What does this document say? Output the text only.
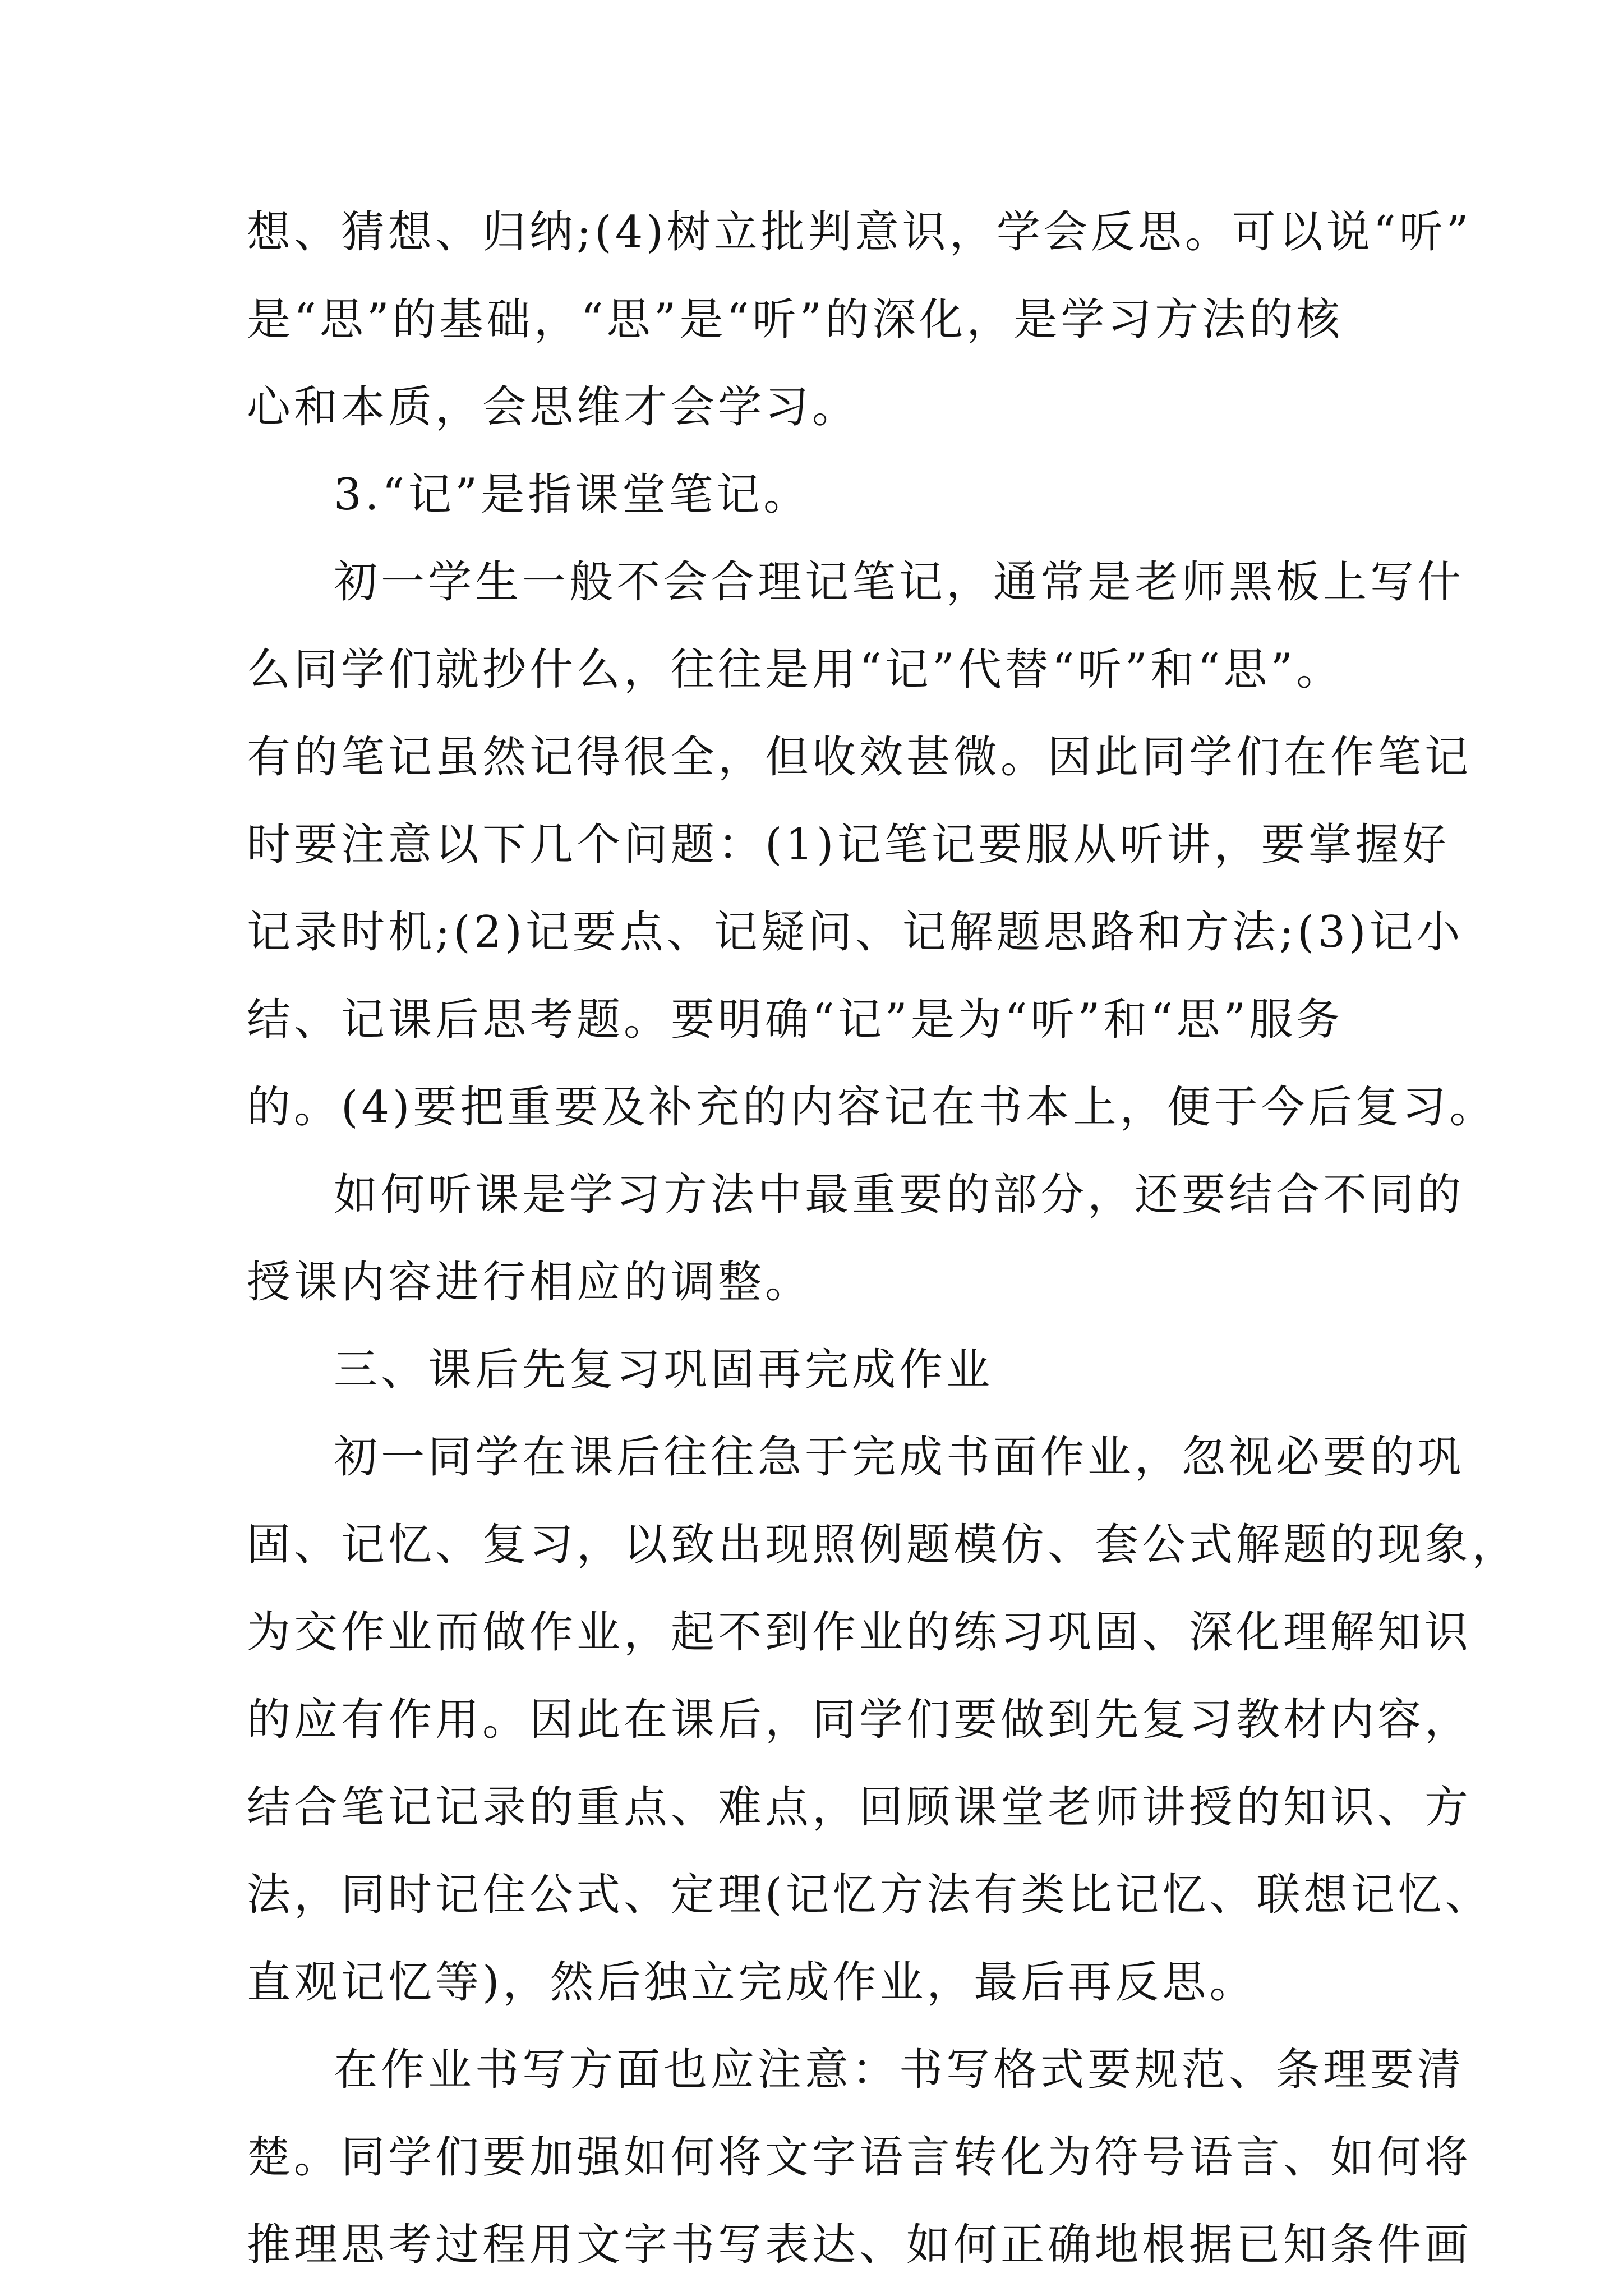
想、猜想、归纳;(4)树立批判意识，学会反思。可以说“听”
是“思”的基础，“思”是“听”的深化，是学习方法的核
心和本质，会思维才会学习。
3.“记”是指课堂笔记。
初一学生一般不会合理记笔记，通常是老师黑板上写什
么同学们就抄什么，往往是用“记”代替“听”和“思”。
有的笔记虽然记得很全，但收效甚微。因此同学们在作笔记
时要注意以下几个问题：(1)记笔记要服从听讲，要掌握好
记录时机;(2)记要点、记疑问、记解题思路和方法;(3)记小
结、记课后思考题。要明确“记”是为“听”和“思”服务
的。(4)要把重要及补充的内容记在书本上，便于今后复习。
如何听课是学习方法中最重要的部分，还要结合不同的
授课内容进行相应的调整。
三、课后先复习巩固再完成作业
初一同学在课后往往急于完成书面作业，忽视必要的巩
固、记忆、复习，以致出现照例题模仿、套公式解题的现象，
为交作业而做作业，起不到作业的练习巩固、深化理解知识
的应有作用。因此在课后，同学们要做到先复习教材内容，
结合笔记记录的重点、难点，回顾课堂老师讲授的知识、方
法，同时记住公式、定理(记忆方法有类比记忆、联想记忆、
直观记忆等)，然后独立完成作业，最后再反思。
在作业书写方面也应注意：书写格式要规范、条理要清
楚。同学们要加强如何将文字语言转化为符号语言、如何将
推理思考过程用文字书写表达、如何正确地根据已知条件画
